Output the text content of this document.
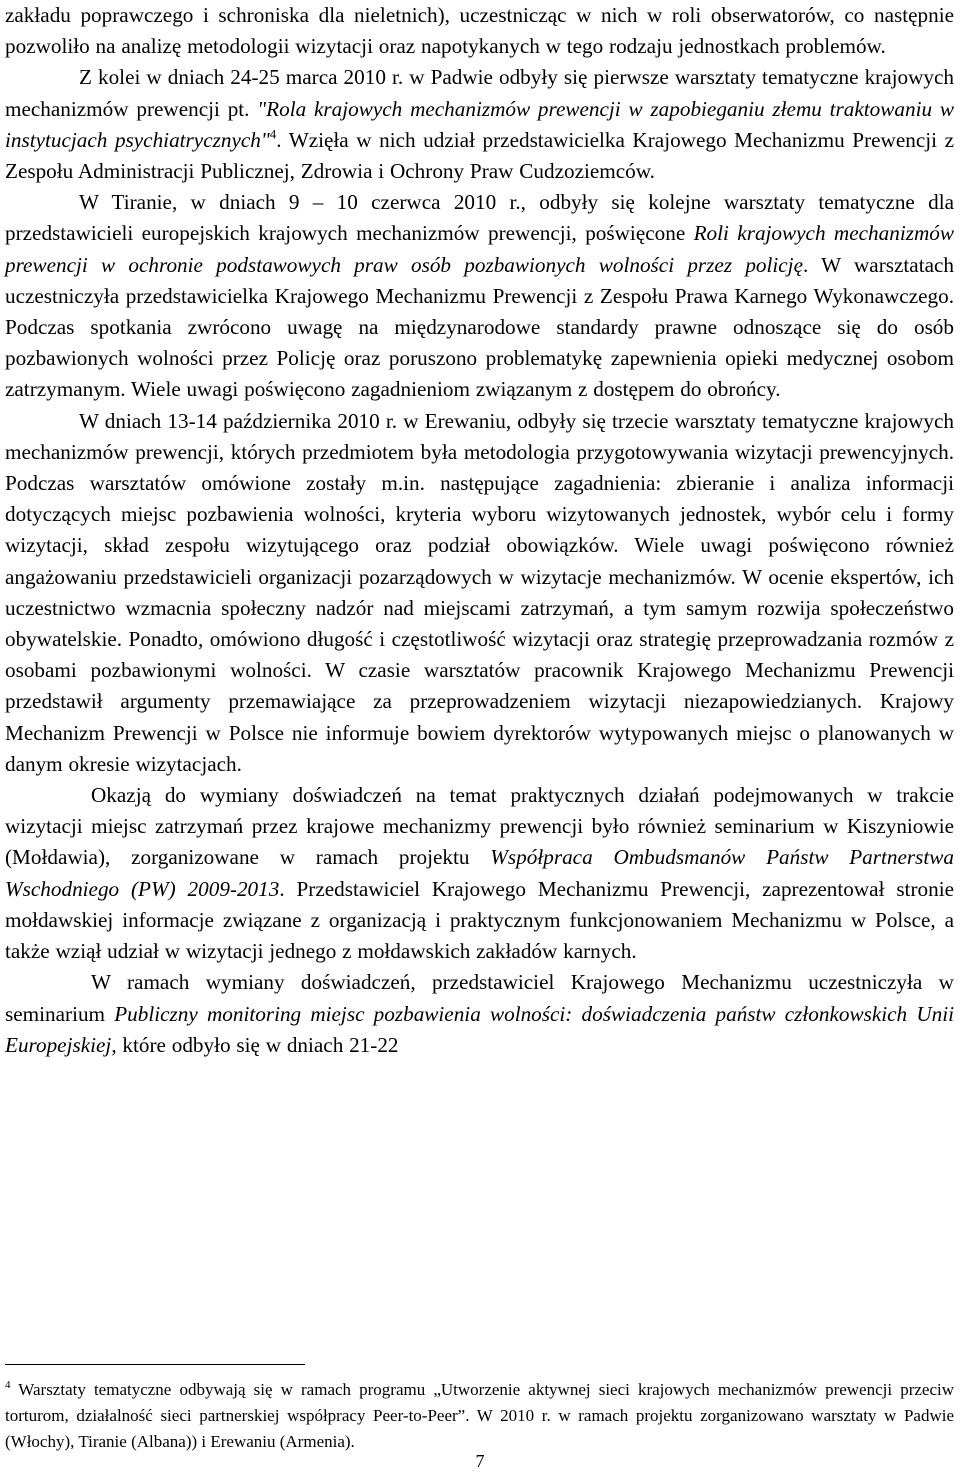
zakładu poprawczego i schroniska dla nieletnich), uczestnicząc w nich w roli obserwatorów, co następnie pozwoliło na analizę metodologii wizytacji oraz napotykanych w tego rodzaju jednostkach problemów.

Z kolei w dniach 24-25 marca 2010 r. w Padwie odbyły się pierwsze warsztaty tematyczne krajowych mechanizmów prewencji pt. "Rola krajowych mechanizmów prewencji w zapobieganiu złemu traktowaniu w instytucjach psychiatrycznych"$^4$. Wzięła w nich udział przedstawicielka Krajowego Mechanizmu Prewencji z Zespołu Administracji Publicznej, Zdrowia i Ochrony Praw Cudzoziemców.

W Tiranie, w dniach 9 – 10 czerwca 2010 r., odbyły się kolejne warsztaty tematyczne dla przedstawicieli europejskich krajowych mechanizmów prewencji, poświęcone Roli krajowych mechanizmów prewencji w ochronie podstawowych praw osób pozbawionych wolności przez policję. W warsztatach uczestniczyła przedstawicielka Krajowego Mechanizmu Prewencji z Zespołu Prawa Karnego Wykonawczego. Podczas spotkania zwrócono uwagę na międzynarodowe standardy prawne odnoszące się do osób pozbawionych wolności przez Policję oraz poruszono problematykę zapewnienia opieki medycznej osobom zatrzymanym. Wiele uwagi poświęcono zagadnieniom związanym z dostępem do obrońcy.

W dniach 13-14 października 2010 r. w Erewaniu, odbyły się trzecie warsztaty tematyczne krajowych mechanizmów prewencji, których przedmiotem była metodologia przygotowywania wizytacji prewencyjnych. Podczas warsztatów omówione zostały m.in. następujące zagadnienia: zbieranie i analiza informacji dotyczących miejsc pozbawienia wolności, kryteria wyboru wizytowanych jednostek, wybór celu i formy wizytacji, skład zespołu wizytującego oraz podział obowiązków. Wiele uwagi poświęcono również angażowaniu przedstawicieli organizacji pozarządowych w wizytacje mechanizmów. W ocenie ekspertów, ich uczestnictwo wzmacnia społeczny nadzór nad miejscami zatrzymań, a tym samym rozwija społeczeństwo obywatelskie. Ponadto, omówiono długość i częstotliwość wizytacji oraz strategię przeprowadzania rozmów z osobami pozbawionymi wolności. W czasie warsztatów pracownik Krajowego Mechanizmu Prewencji przedstawił argumenty przemawiające za przeprowadzeniem wizytacji niezapowiedzianych. Krajowy Mechanizm Prewencji w Polsce nie informuje bowiem dyrektorów wytypowanych miejsc o planowanych w danym okresie wizytacjach.

Okazją do wymiany doświadczeń na temat praktycznych działań podejmowanych w trakcie wizytacji miejsc zatrzymań przez krajowe mechanizmy prewencji było również seminarium w Kiszyniowie (Mołdawia), zorganizowane w ramach projektu Współpraca Ombudsmanów Państw Partnerstwa Wschodniego (PW) 2009-2013. Przedstawiciel Krajowego Mechanizmu Prewencji, zaprezentował stronie mołdawskiej informacje związane z organizacją i praktycznym funkcjonowaniem Mechanizmu w Polsce, a także wziął udział w wizytacji jednego z mołdawskich zakładów karnych.

W ramach wymiany doświadczeń, przedstawiciel Krajowego Mechanizmu uczestniczyła w seminarium Publiczny monitoring miejsc pozbawienia wolności: doświadczenia państw członkowskich Unii Europejskiej, które odbyło się w dniach 21-22

$^4$ Warsztaty tematyczne odbywają się w ramach programu „Utworzenie aktywnej sieci krajowych mechanizmów prewencji przeciw torturom, działalność sieci partnerskiej współpracy Peer-to-Peer”. W 2010 r. w ramach projektu zorganizowano warsztaty w Padwie (Włochy), Tiranie (Albana)) i Erewaniu (Armenia).
7
